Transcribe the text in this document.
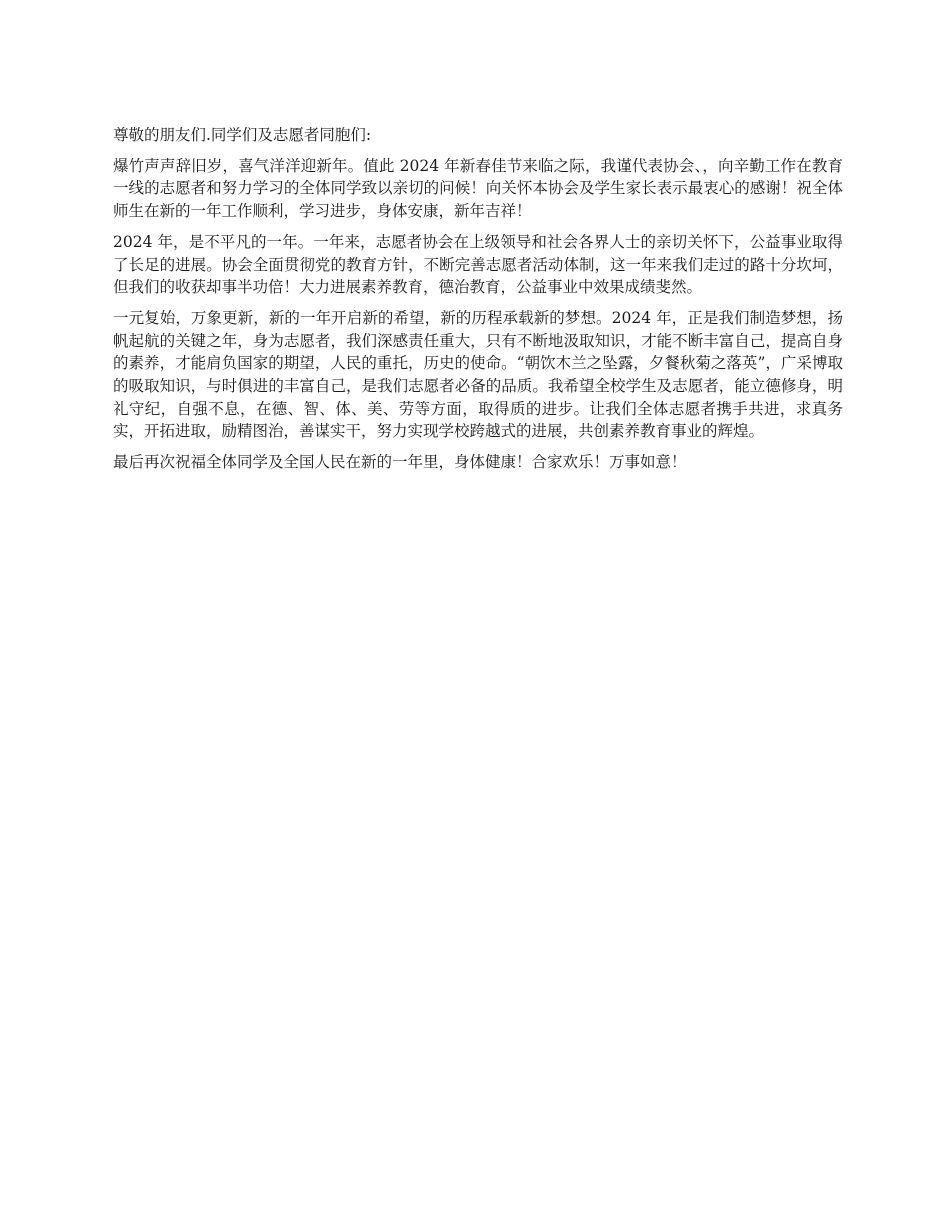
尊敬的朋友们.同学们及志愿者同胞们:

爆竹声声辞旧岁，喜气洋洋迎新年。值此 2024 年新春佳节来临之际，我谨代表协会、，向辛勤工作在教育一线的志愿者和努力学习的全体同学致以亲切的问候！向关怀本协会及学生家长表示最衷心的感谢！祝全体师生在新的一年工作顺利，学习进步，身体安康，新年吉祥！

2024 年，是不平凡的一年。一年来，志愿者协会在上级领导和社会各界人士的亲切关怀下，公益事业取得了长足的进展。协会全面贯彻党的教育方针，不断完善志愿者活动体制，这一年来我们走过的路十分坎坷，但我们的收获却事半功倍！大力进展素养教育，德治教育，公益事业中效果成绩斐然。

一元复始，万象更新，新的一年开启新的希望，新的历程承载新的梦想。2024 年，正是我们制造梦想，扬帆起航的关键之年，身为志愿者，我们深感责任重大，只有不断地汲取知识，才能不断丰富自己，提高自身的素养，才能肩负国家的期望，人民的重托，历史的使命。“朝饮木兰之坠露，夕餐秋菊之落英”，广采博取的吸取知识，与时俱进的丰富自己，是我们志愿者必备的品质。我希望全校学生及志愿者，能立德修身，明礼守纪，自强不息，在德、智、体、美、劳等方面，取得质的进步。让我们全体志愿者携手共进，求真务实，开拓进取，励精图治，善谋实干，努力实现学校跨越式的进展，共创素养教育事业的辉煌。

最后再次祝福全体同学及全国人民在新的一年里，身体健康！合家欢乐！万事如意！
